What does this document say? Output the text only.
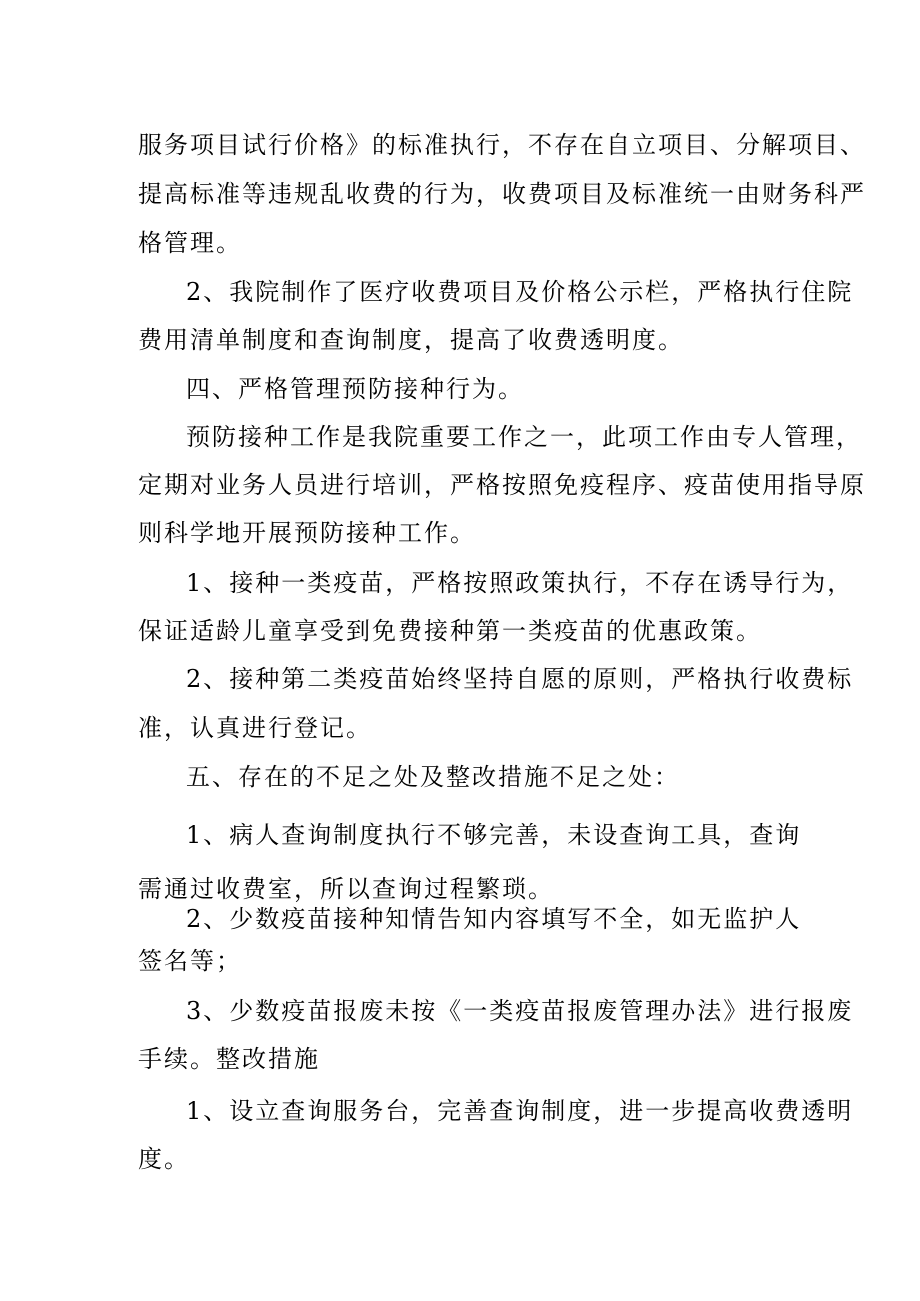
服务项目试行价格》的标准执行，不存在自立项目、分解项目、
提高标准等违规乱收费的行为，收费项目及标准统一由财务科严
格管理。
2、我院制作了医疗收费项目及价格公示栏，严格执行住院
费用清单制度和查询制度，提高了收费透明度。
四、严格管理预防接种行为。
预防接种工作是我院重要工作之一，此项工作由专人管理，
定期对业务人员进行培训，严格按照免疫程序、疫苗使用指导原
则科学地开展预防接种工作。
1、接种一类疫苗，严格按照政策执行，不存在诱导行为，
保证适龄儿童享受到免费接种第一类疫苗的优惠政策。
2、接种第二类疫苗始终坚持自愿的原则，严格执行收费标
准，认真进行登记。
五、存在的不足之处及整改措施不足之处：
1、病人查询制度执行不够完善，未设查询工具，查询
需通过收费室，所以查询过程繁琐。
2、少数疫苗接种知情告知内容填写不全，如无监护人
签名等；
3、少数疫苗报废未按《一类疫苗报废管理办法》进行报废
手续。整改措施
1、设立查询服务台，完善查询制度，进一步提高收费透明
度。
